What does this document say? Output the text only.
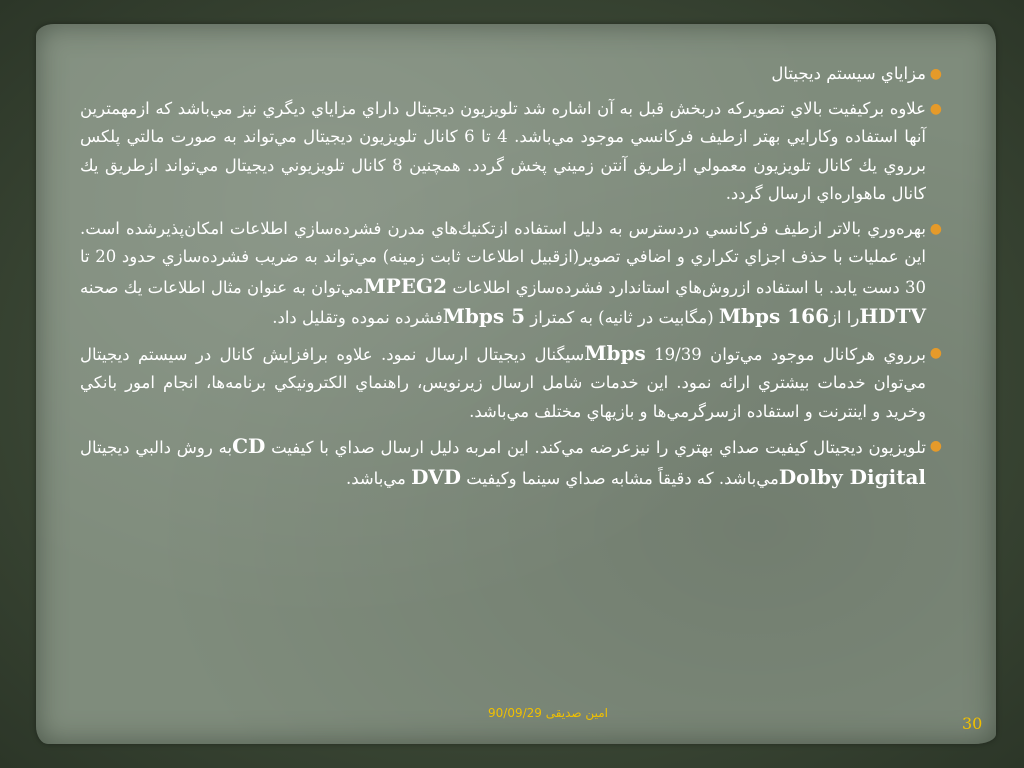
●
مزاياي سيستم ديجيتال
●
علاوه بركيفيت بالاي تصويركه دربخش قبل به آن اشاره شد تلويزيون ديجيتال داراي مزاياي ديگري نيز مي‌باشد كه ازمهمترين آنها استفاده وكارايي بهتر ازطيف فركانسي موجود مي‌باشد. 4 تا 6 كانال تلويزيون ديجيتال مي‌تواند به صورت مالتي پلكس برروي يك كانال تلويزيون معمولي ازطريق آنتن زميني پخش گردد. همچنين 8 كانال تلويزيوني ديجيتال مي‌تواند ازطريق يك كانال ماهواره‌اي ارسال گردد.
●
بهره‌وري بالاتر ازطيف فركانسي دردسترس به دليل استفاده ازتكنيك‌هاي مدرن فشرده‌سازي اطلاعات امكان‌پذيرشده است. اين عمليات با حذف اجزاي تكراري و اضافي تصوير(ازقبيل اطلاعات ثابت زمينه) مي‌تواند به ضريب فشرده‌سازي حدود 20 تا 30 دست يابد. با استفاده ازروش‌هاي استاندارد فشرده‌سازي اطلاعات MPEG2مي‌توان به عنوان مثال اطلاعات يك صحنه HDTVرا از166 Mbps (مگابيت در ثانيه) به كمتراز 5 Mbpsفشرده نموده وتقليل داد.
●
برروي هركانال موجود مي‌توان 19/39 Mbpsسيگنال ديجيتال ارسال نمود. علاوه برافزايش كانال در سيستم ديجيتال مي‌توان خدمات بيشتري ارائه نمود. اين خدمات شامل ارسال زيرنويس، راهنماي الكترونيكي برنامه‌ها، انجام امور بانكي وخريد و اينترنت و استفاده ازسرگرمي‌ها و بازيهاي مختلف مي‌باشد.
●
تلويزيون ديجيتال كيفيت صداي بهتري را نيزعرضه مي‌كند. اين امربه دليل ارسال صداي با كيفيت CDبه روش دالبي ديجيتال Dolby Digitalمي‌باشد. كه دقيقاً مشابه صداي سينما وكيفيت DVD مي‌باشد.
امين صديقى 90/09/29
30
